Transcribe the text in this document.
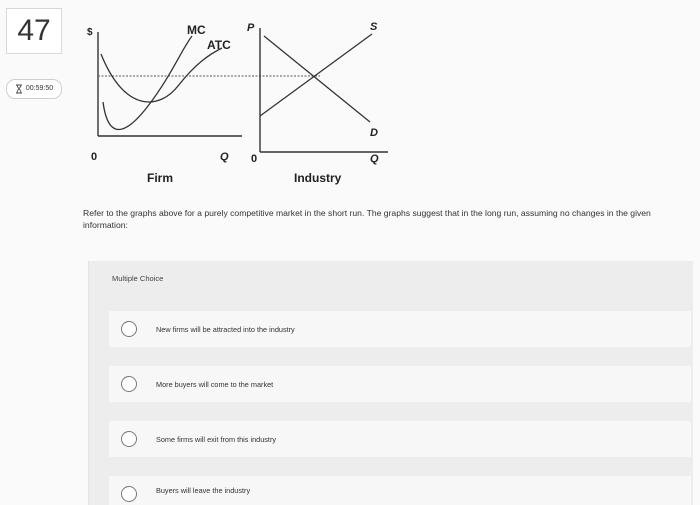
47
00:59:50
$	MC
ATC
P	S
D
0	Q 0	Q
Firm	Industry
Refer to the graphs above for a purely competitive market in the short run. The graphs suggest that in the long run, assuming no changes in the given information:
Multiple Choice
New firms will be attracted into the industry
More buyers will come to the market
Some firms will exit from this industry
Buyers will leave the industry
